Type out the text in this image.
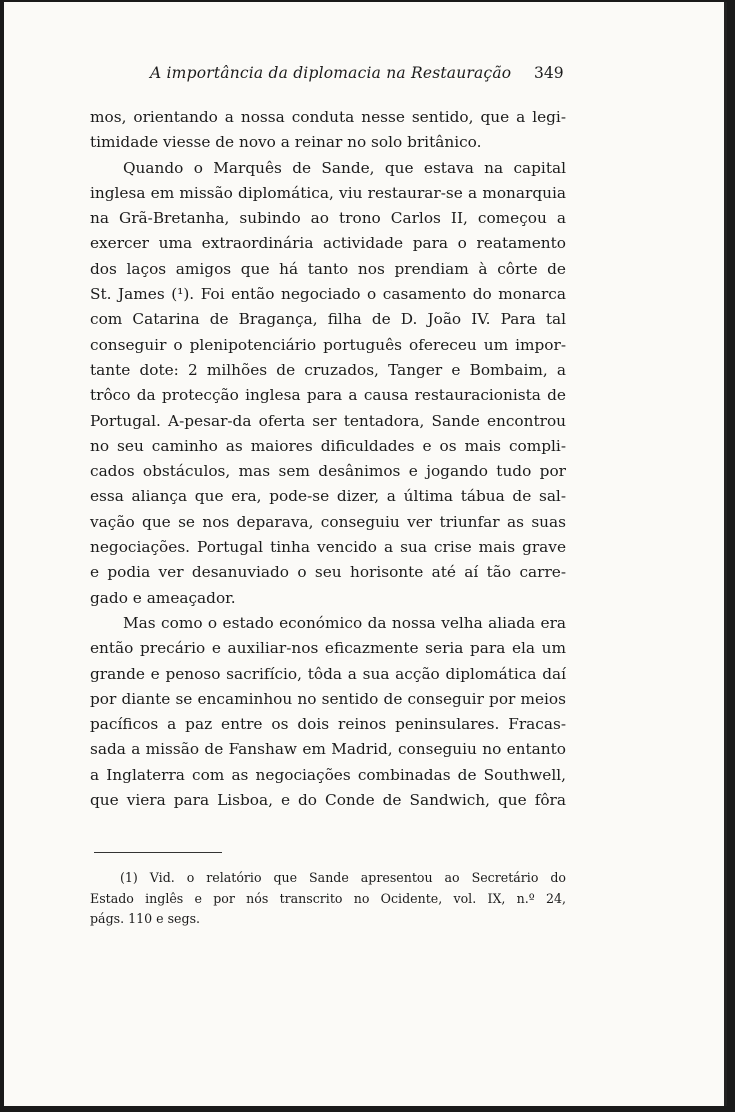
A importância da diplomacia na Restauração 349
mos, orientando a nossa conduta nesse sentido, que a legi-
timidade viesse de novo a reinar no solo britânico.
Quando o Marquês de Sande, que estava na capital
inglesa em missão diplomática, viu restaurar-se a monarquia
na Grã-Bretanha, subindo ao trono Carlos II, começou a
exercer uma extraordinária actividade para o reatamento
dos laços amigos que há tanto nos prendiam à côrte de
St. James (¹). Foi então negociado o casamento do monarca
com Catarina de Bragança, filha de D. João IV. Para tal
conseguir o plenipotenciário português ofereceu um impor-
tante dote: 2 milhões de cruzados, Tanger e Bombaim, a
trôco da protecção inglesa para a causa restauracionista de
Portugal. A-pesar-da oferta ser tentadora, Sande encontrou
no seu caminho as maiores dificuldades e os mais compli-
cados obstáculos, mas sem desânimos e jogando tudo por
essa aliança que era, pode-se dizer, a última tábua de sal-
vação que se nos deparava, conseguiu ver triunfar as suas
negociações. Portugal tinha vencido a sua crise mais grave
e podia ver desanuviado o seu horisonte até aí tão carre-
gado e ameaçador.
Mas como o estado económico da nossa velha aliada era
então precário e auxiliar-nos eficazmente seria para ela um
grande e penoso sacrifício, tôda a sua acção diplomática daí
por diante se encaminhou no sentido de conseguir por meios
pacíficos a paz entre os dois reinos peninsulares. Fracas-
sada a missão de Fanshaw em Madrid, conseguiu no entanto
a Inglaterra com as negociações combinadas de Southwell,
que viera para Lisboa, e do Conde de Sandwich, que fôra
(1) Vid. o relatório que Sande apresentou ao Secretário do
Estado inglês e por nós transcrito no Ocidente, vol. IX, n.º 24,
págs. 110 e segs.
